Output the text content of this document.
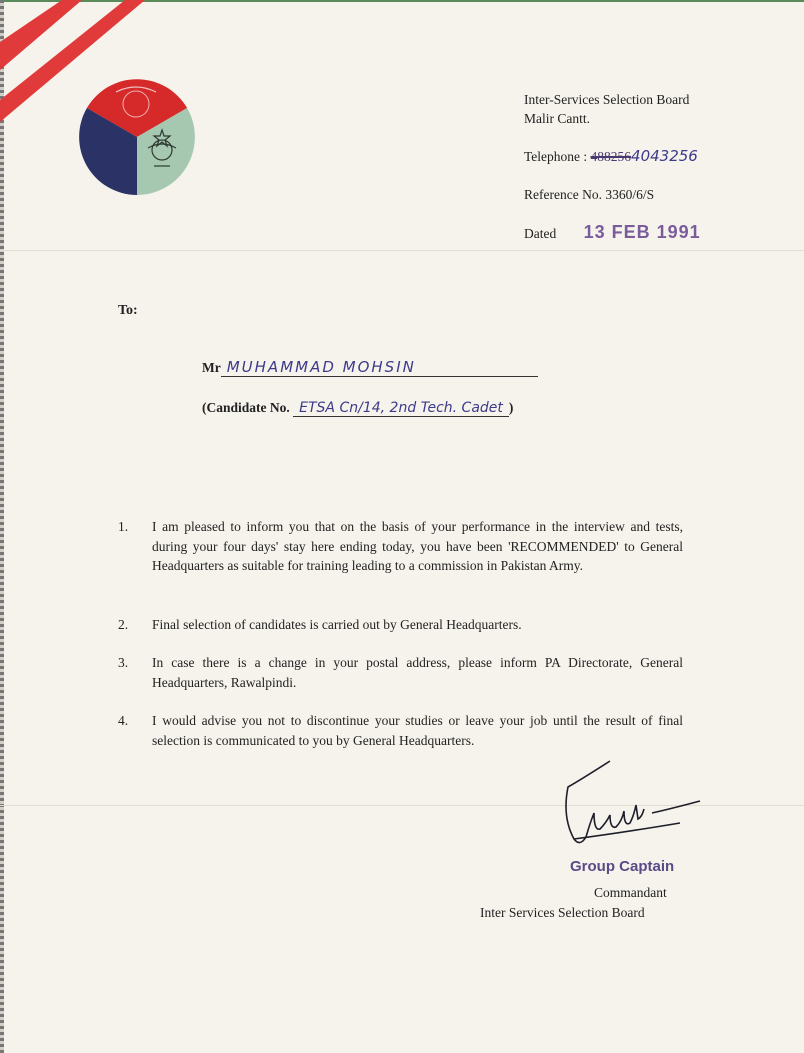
Inter-Services Selection Board
Malir Cantt.
Telephone : 4882564043256
Reference No. 3360/6/S
Dated 13 FEB 1991
To:
Mr MUHAMMAD MOHSIN
(Candidate No. ETSA Cn/14, 2nd Tech. Cadet )
1. I am pleased to inform you that on the basis of your performance in the interview and tests, during your four days' stay here ending today, you have been 'RECOMMENDED' to General Headquarters as suitable for training leading to a commission in Pakistan Army.
2. Final selection of candidates is carried out by General Headquarters.
3. In case there is a change in your postal address, please inform PA Directorate, General Headquarters, Rawalpindi.
4. I would advise you not to discontinue your studies or leave your job until the result of final selection is communicated to you by General Headquarters.
Group Captain
Commandant
Inter Services Selection Board
